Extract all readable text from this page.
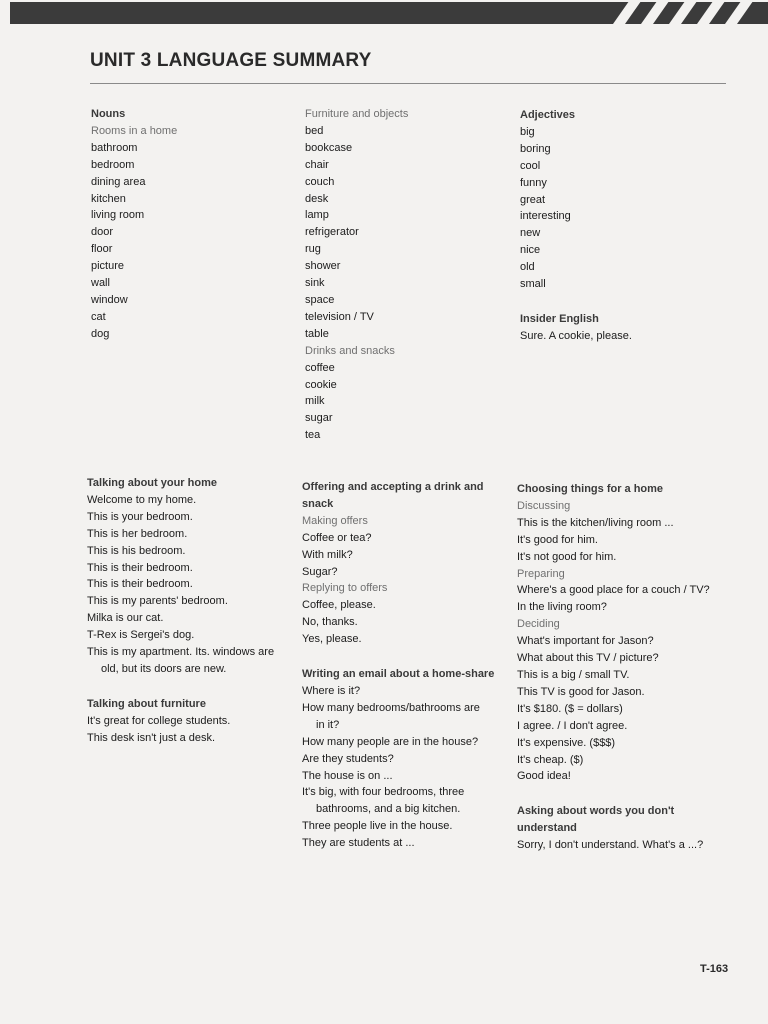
UNIT 3 LANGUAGE SUMMARY
Nouns
Rooms in a home
bathroom
bedroom
dining area
kitchen
living room
door
floor
picture
wall
window
cat
dog
Furniture and objects
bed
bookcase
chair
couch
desk
lamp
refrigerator
rug
shower
sink
space
television / TV
table
Drinks and snacks
coffee
cookie
milk
sugar
tea
Adjectives
big
boring
cool
funny
great
interesting
new
nice
old
small
Insider English
Sure. A cookie, please.
Talking about your home
Welcome to my home.
This is your bedroom.
This is her bedroom.
This is his bedroom.
This is their bedroom.
This is their bedroom.
This is my parents' bedroom.
Milka is our cat.
T-Rex is Sergei's dog.
This is my apartment. Its. windows are
old, but its doors are new.
Talking about furniture
It's great for college students.
This desk isn't just a desk.
Offering and accepting a drink and
snack
Making offers
Coffee or tea?
With milk?
Sugar?
Replying to offers
Coffee, please.
No, thanks.
Yes, please.
Writing an email about a home-share
Where is it?
How many bedrooms/bathrooms are
in it?
How many people are in the house?
Are they students?
The house is on ...
It's big, with four bedrooms, three
bathrooms, and a big kitchen.
Three people live in the house.
They are students at ...
Choosing things for a home
Discussing
This is the kitchen/living room ...
It's good for him.
It's not good for him.
Preparing
Where's a good place for a couch / TV?
In the living room?
Deciding
What's important for Jason?
What about this TV / picture?
This is a big / small TV.
This TV is good for Jason.
It's $180. ($ = dollars)
I agree. / I don't agree.
It's expensive. ($$$)
It's cheap. ($)
Good idea!
Asking about words you don't
understand
Sorry, I don't understand. What's a ...?
T-163
